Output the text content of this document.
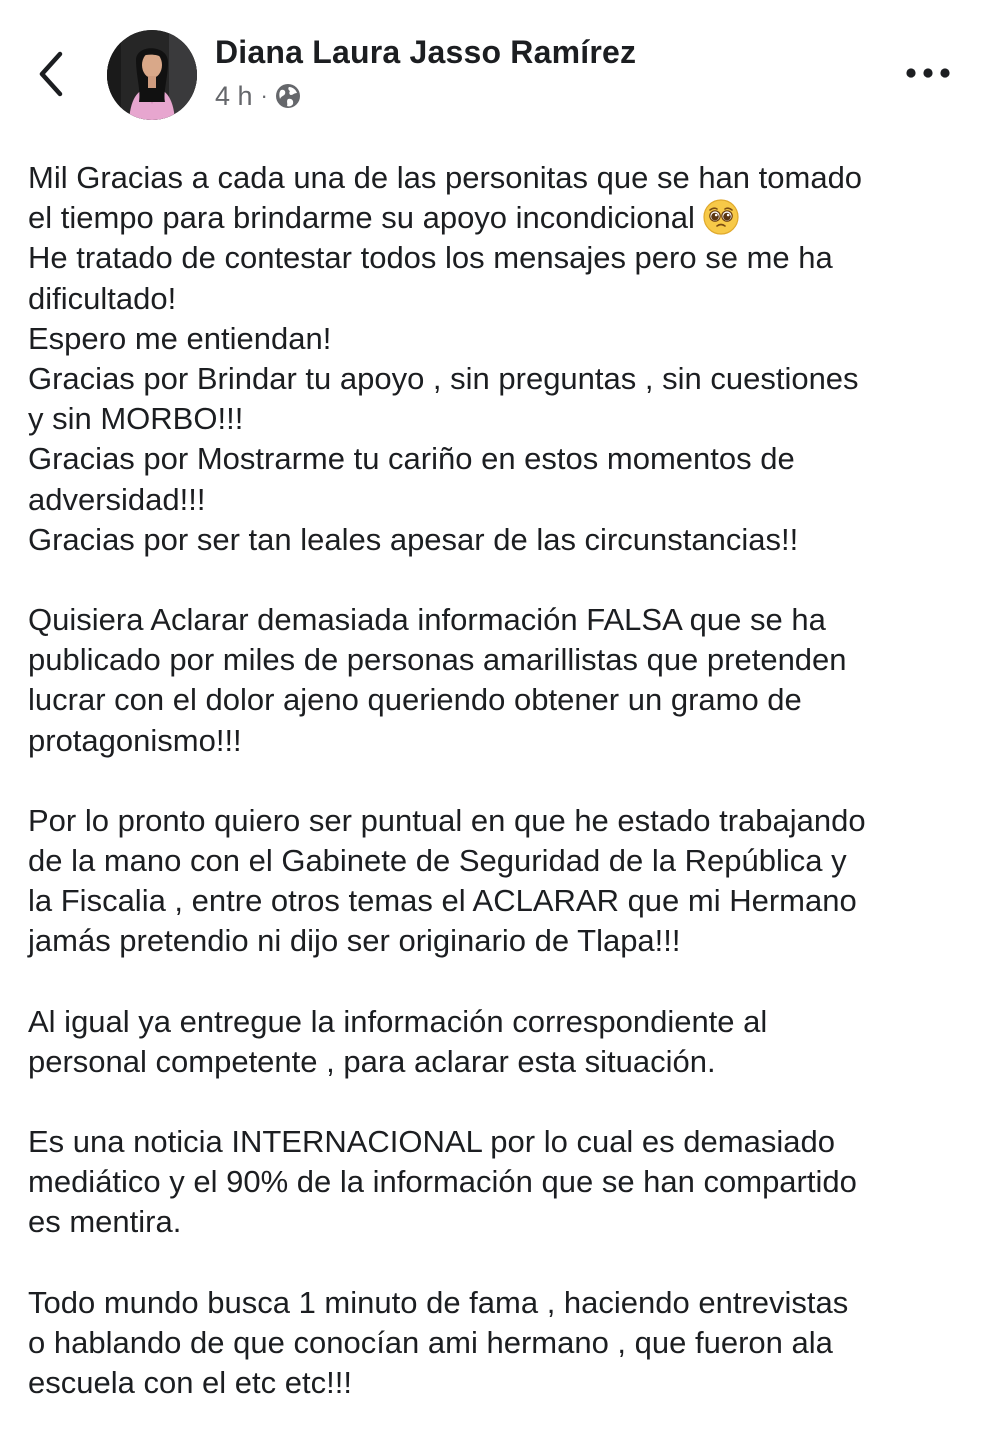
Diana Laura Jasso Ramírez
4 h ·
Mil Gracias a cada una de las personitas que se han tomado
el tiempo para brindarme su apoyo incondicional
He tratado de contestar todos los mensajes pero se me ha
dificultado!
Espero me entiendan!
Gracias por Brindar tu apoyo , sin preguntas , sin cuestiones
y sin MORBO!!!
Gracias por Mostrarme tu cariño en estos momentos de
adversidad!!!
Gracias por ser tan leales apesar de las circunstancias!!
Quisiera Aclarar demasiada información FALSA que se ha
publicado por miles de personas amarillistas que pretenden
lucrar con el dolor ajeno queriendo obtener un gramo de
protagonismo!!!
Por lo pronto quiero ser puntual en que he estado trabajando
de la mano con el Gabinete de Seguridad de la República y
la Fiscalia , entre otros temas el ACLARAR que mi Hermano
jamás pretendio ni dijo ser originario de Tlapa!!!
Al igual ya entregue la información correspondiente al
personal competente , para aclarar esta situación.
Es una noticia INTERNACIONAL por lo cual es demasiado
mediático y el 90% de la información que se han compartido
es mentira.
Todo mundo busca 1 minuto de fama , haciendo entrevistas
o hablando de que conocían ami hermano , que fueron ala
escuela con el etc etc!!!
